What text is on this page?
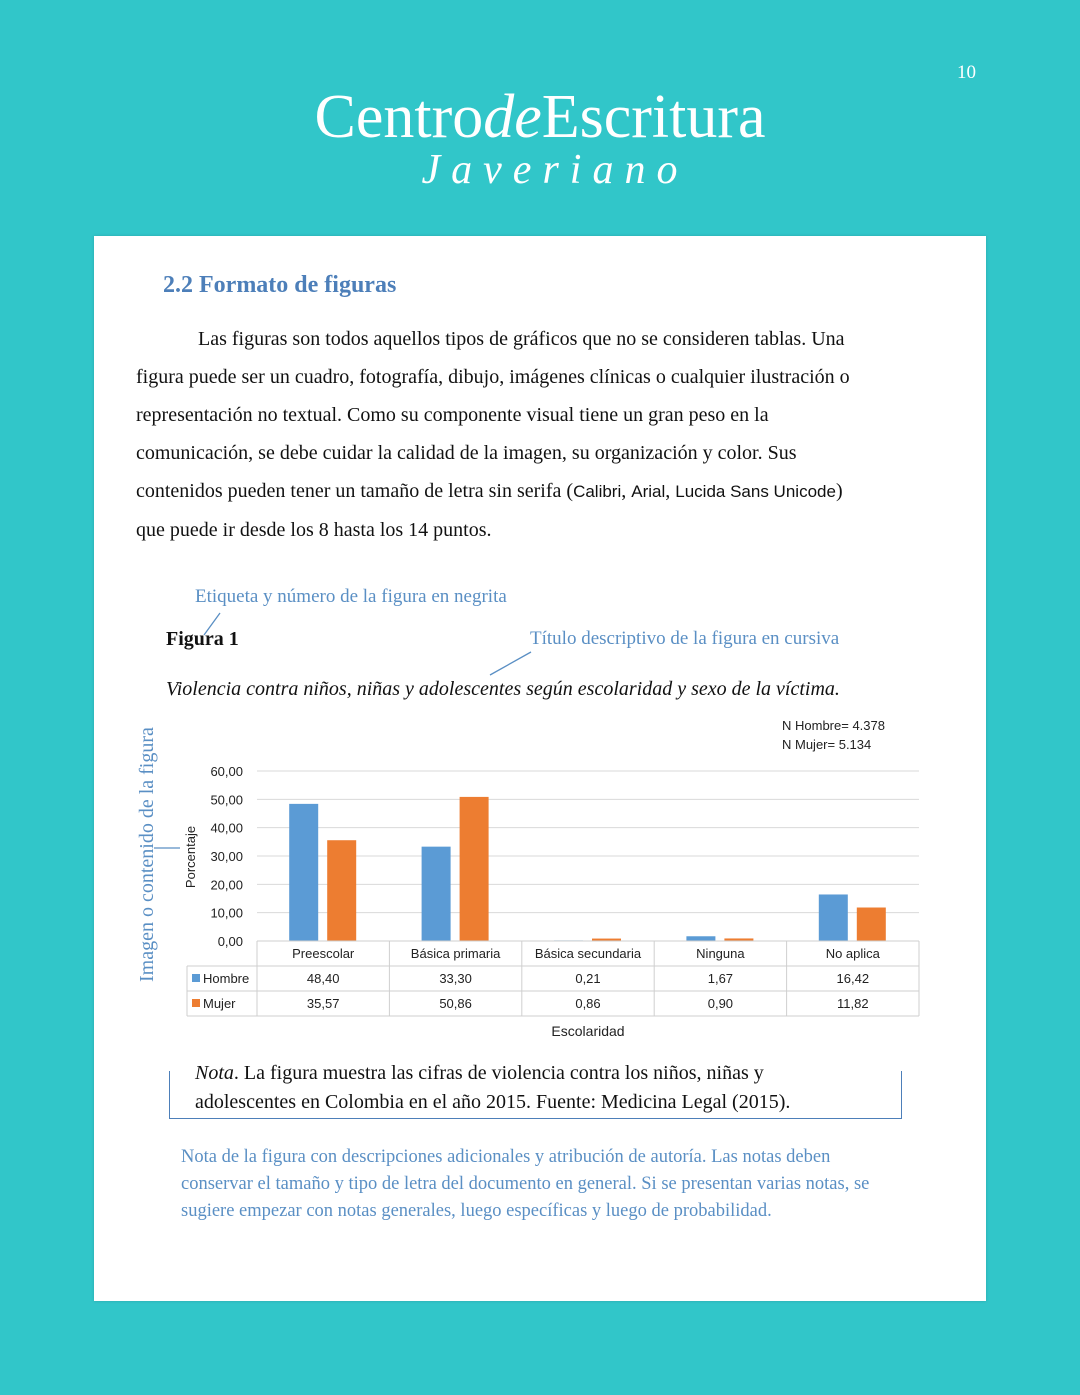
10
CentrodeEscritura
Javeriano
2.2 Formato de figuras

Las figuras son todos aquellos tipos de gráficos que no se consideren tablas. Una

figura puede ser un cuadro, fotografía, dibujo, imágenes clínicas o cualquier ilustración o

representación no textual. Como su componente visual tiene un gran peso en la

comunicación, se debe cuidar la calidad de la imagen, su organización y color. Sus

contenidos pueden tener un tamaño de letra sin serifa (Calibri, Arial, Lucida Sans Unicode)

que puede ir desde los 8 hasta los 14 puntos.

Etiqueta y número de la figura en negrita
Figura 1	Título descriptivo de la figura en cursiva
Violencia contra niños, niñas y adolescentes según escolaridad y sexo de la víctima.
Imagen o contenido de la figura
N Hombre= 4.378
N Mujer= 5.134
Porcentaje
0,00
10,00
20,00
30,00
40,00
50,00
60,00
Preescolar	Básica primaria	Básica secundaria	Ninguna	No aplica
Hombre	48,40	33,30	0,21	1,67	16,42
Mujer	35,57	50,86	0,86	0,90	11,82
Escolaridad
Nota. La figura muestra las cifras de violencia contra los niños, niñas y
adolescentes en Colombia en el año 2015. Fuente: Medicina Legal (2015).
Nota de la figura con descripciones adicionales y atribución de autoría. Las notas deben
conservar el tamaño y tipo de letra del documento en general. Si se presentan varias notas, se
sugiere empezar con notas generales, luego específicas y luego de probabilidad.
